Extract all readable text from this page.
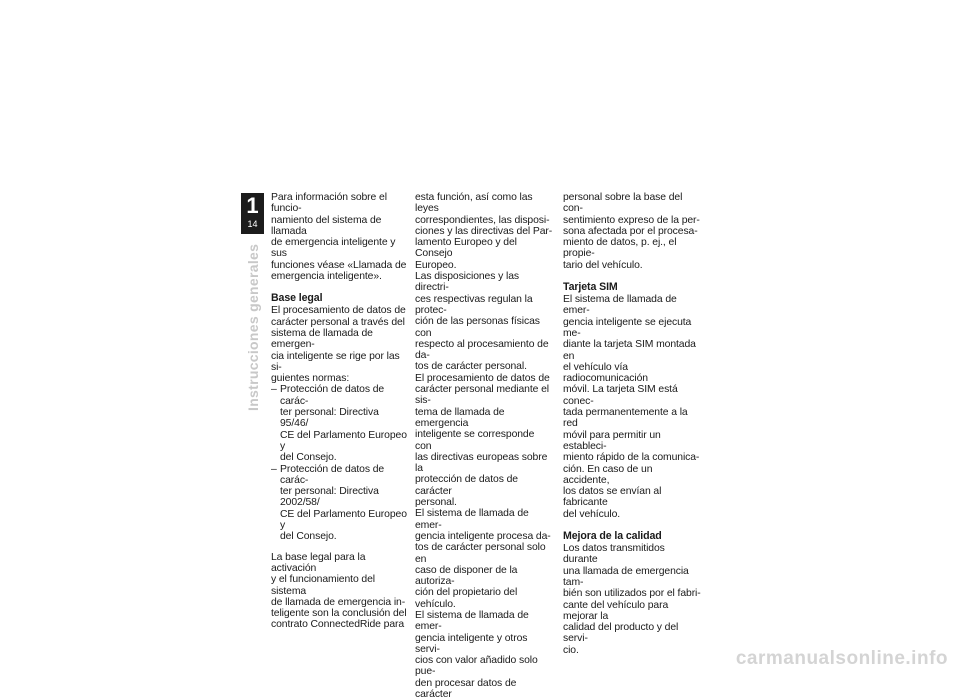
1
14
Instrucciones generales

Para información sobre el funcio-
namiento del sistema de llamada
de emergencia inteligente y sus
funciones véase «Llamada de
emergencia inteligente».

Base legal

El procesamiento de datos de
carácter personal a través del
sistema de llamada de emergen-
cia inteligente se rige por las si-
guientes normas:

– Protección de datos de carác-
ter personal: Directiva 95/46/
CE del Parlamento Europeo y
del Consejo.
– Protección de datos de carác-
ter personal: Directiva 2002/58/
CE del Parlamento Europeo y
del Consejo.

La base legal para la activación
y el funcionamiento del sistema
de llamada de emergencia in-
teligente son la conclusión del
contrato ConnectedRide para

esta función, así como las leyes
correspondientes, las disposi-
ciones y las directivas del Par-
lamento Europeo y del Consejo
Europeo.

Las disposiciones y las directri-
ces respectivas regulan la protec-
ción de las personas físicas con
respecto al procesamiento de da-
tos de carácter personal.

El procesamiento de datos de
carácter personal mediante el sis-
tema de llamada de emergencia
inteligente se corresponde con
las directivas europeas sobre la
protección de datos de carácter
personal.

El sistema de llamada de emer-
gencia inteligente procesa da-
tos de carácter personal solo en
caso de disponer de la autoriza-
ción del propietario del vehículo.

El sistema de llamada de emer-
gencia inteligente y otros servi-
cios con valor añadido solo pue-
den procesar datos de carácter

personal sobre la base del con-
sentimiento expreso de la per-
sona afectada por el procesa-
miento de datos, p. ej., el propie-
tario del vehículo.

Tarjeta SIM

El sistema de llamada de emer-
gencia inteligente se ejecuta me-
diante la tarjeta SIM montada en
el vehículo vía radiocomunicación
móvil. La tarjeta SIM está conec-
tada permanentemente a la red
móvil para permitir un estableci-
miento rápido de la comunica-
ción. En caso de un accidente,
los datos se envían al fabricante
del vehículo.

Mejora de la calidad

Los datos transmitidos durante
una llamada de emergencia tam-
bién son utilizados por el fabri-
cante del vehículo para mejorar la
calidad del producto y del servi-
cio.	carmanualsonline.info
